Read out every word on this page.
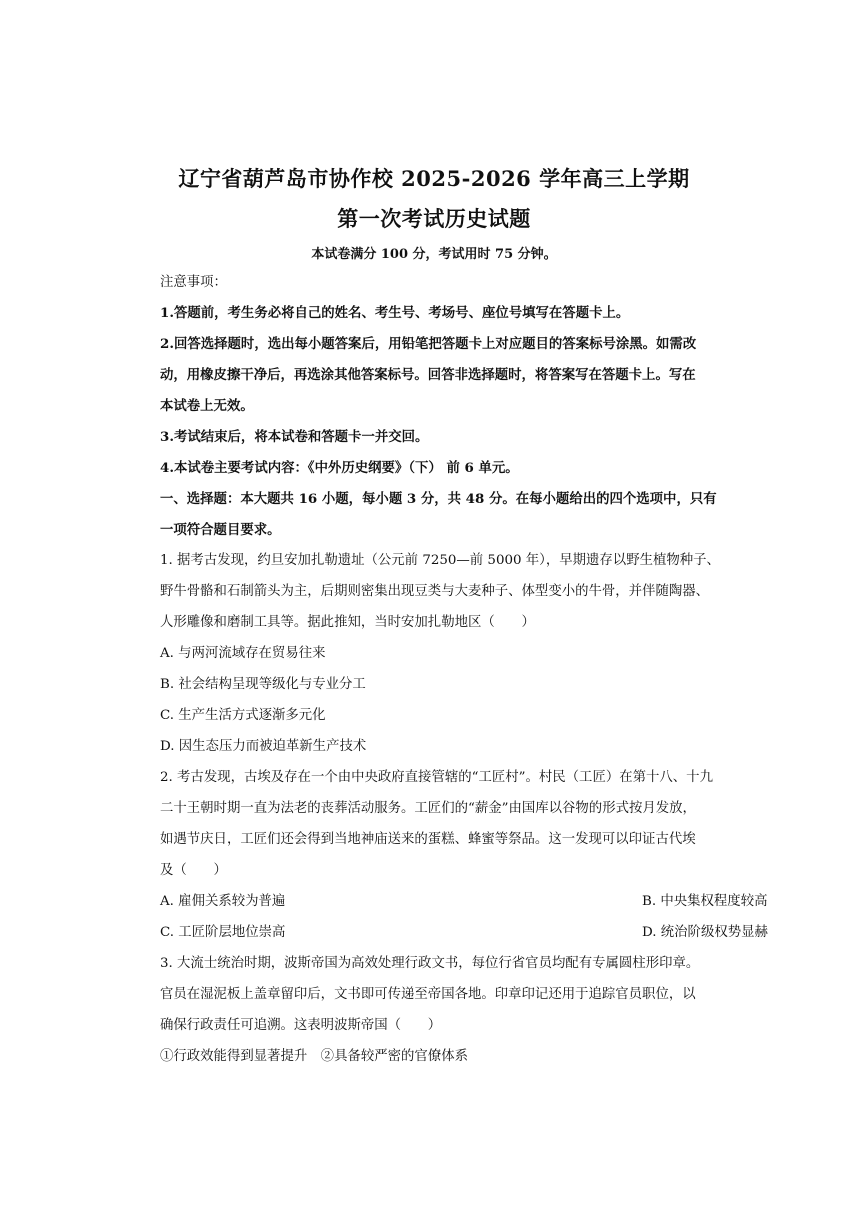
辽宁省葫芦岛市协作校 2025-2026 学年高三上学期
第一次考试历史试题
本试卷满分 100 分，考试用时 75 分钟。
注意事项：
1.答题前，考生务必将自己的姓名、考生号、考场号、座位号填写在答题卡上。
2.回答选择题时，选出每小题答案后，用铅笔把答题卡上对应题目的答案标号涂黑。如需改
动，用橡皮擦干净后，再选涂其他答案标号。回答非选择题时，将答案写在答题卡上。写在
本试卷上无效。
3.考试结束后，将本试卷和答题卡一并交回。
4.本试卷主要考试内容：《中外历史纲要》（下） 前 6 单元。
一、选择题：本大题共 16 小题，每小题 3 分，共 48 分。在每小题给出的四个选项中，只有
一项符合题目要求。
1. 据考古发现，约旦安加扎勒遗址（公元前 7250—前 5000 年），早期遗存以野生植物种子、
野牛骨骼和石制箭头为主，后期则密集出现豆类与大麦种子、体型变小的牛骨，并伴随陶器、
人形雕像和磨制工具等。据此推知，当时安加扎勒地区（　　）
A. 与两河流域存在贸易往来
B. 社会结构呈现等级化与专业分工
C. 生产生活方式逐渐多元化
D. 因生态压力而被迫革新生产技术
2. 考古发现，古埃及存在一个由中央政府直接管辖的“工匠村”。村民（工匠）在第十八、十九
二十王朝时期一直为法老的丧葬活动服务。工匠们的“薪金”由国库以谷物的形式按月发放，
如遇节庆日，工匠们还会得到当地神庙送来的蛋糕、蜂蜜等祭品。这一发现可以印证古代埃
及（　　）
A. 雇佣关系较为普遍	B. 中央集权程度较高
C. 工匠阶层地位崇高	D. 统治阶级权势显赫
3. 大流士统治时期，波斯帝国为高效处理行政文书，每位行省官员均配有专属圆柱形印章。
官员在湿泥板上盖章留印后，文书即可传递至帝国各地。印章印记还用于追踪官员职位，以
确保行政责任可追溯。这表明波斯帝国（　　）
①行政效能得到显著提升　②具备较严密的官僚体系
